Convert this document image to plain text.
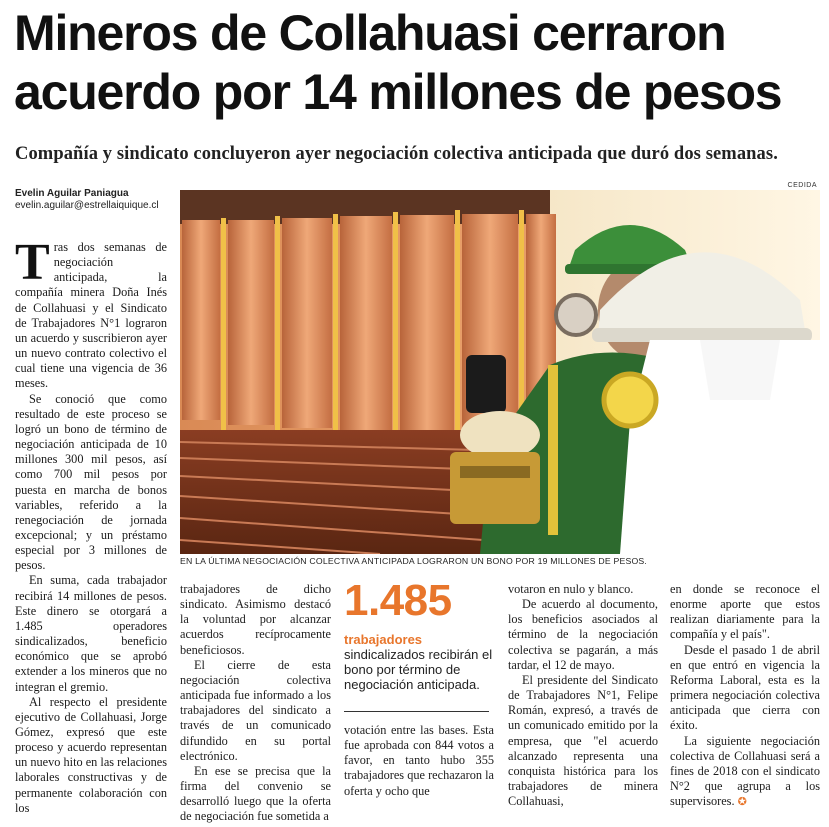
Mineros de Collahuasi cerraron
acuerdo por 14 millones de pesos
Compañía y sindicato concluyeron ayer negociación colectiva anticipada que duró dos semanas.
Evelin Aguilar Paniagua
evelin.aguilar@estrellaiquique.cl
CEDIDA
EN LA ÚLTIMA NEGOCIACIÓN COLECTIVA ANTICIPADA LOGRARON UN BONO POR 19 MILLONES DE PESOS.
T ras dos semanas de negociación anticipada, la compañía minera Doña Inés de Collahuasi y el Sindicato de Trabajadores N°1 lograron un acuerdo y suscribieron ayer un nuevo contrato colectivo el cual tiene una vigencia de 36 meses.

Se conoció que como resultado de este proceso se logró un bono de término de negociación anticipada de 10 millones 300 mil pesos, así como 700 mil pesos por puesta en marcha de bonos variables, referido a la renegociación de jornada excepcional; y un préstamo especial por 3 millones de pesos.

En suma, cada trabajador recibirá 14 millones de pesos. Este dinero se otorgará a 1.485 operadores sindicalizados, beneficio económico que se aprobó extender a los mineros que no integran el gremio.

Al respecto el presidente ejecutivo de Collahuasi, Jorge Gómez, expresó que este proceso y acuerdo representan un nuevo hito en las relaciones laborales constructivas y de permanente colaboración con los

trabajadores de dicho sindicato. Asimismo destacó la voluntad por alcanzar acuerdos recíprocamente beneficiosos.

El cierre de esta negociación colectiva anticipada fue informado a los trabajadores del sindicato a través de un comunicado difundido en su portal electrónico.

En ese se precisa que la firma del convenio se desarrolló luego que la oferta de negociación fue sometida a

1.485
trabajadores sindicalizados recibirán el bono por término de negociación anticipada.

votación entre las bases. Esta fue aprobada con 844 votos a favor, en tanto hubo 355 trabajadores que rechazaron la oferta y ocho que

votaron en nulo y blanco.

De acuerdo al documento, los beneficios asociados al término de la negociación colectiva se pagarán, a más tardar, el 12 de mayo.

El presidente del Sindicato de Trabajadores N°1, Felipe Román, expresó, a través de un comunicado emitido por la empresa, que "el acuerdo alcanzado representa una conquista histórica para los trabajadores de minera Collahuasi,

en donde se reconoce el enorme aporte que estos realizan diariamente para la compañía y el país".

Desde el pasado 1 de abril en que entró en vigencia la Reforma Laboral, esta es la primera negociación colectiva anticipada que cierra con éxito.

La siguiente negociación colectiva de Collahuasi será a fines de 2018 con el sindicato N°2 que agrupa a los supervisores. ✪
